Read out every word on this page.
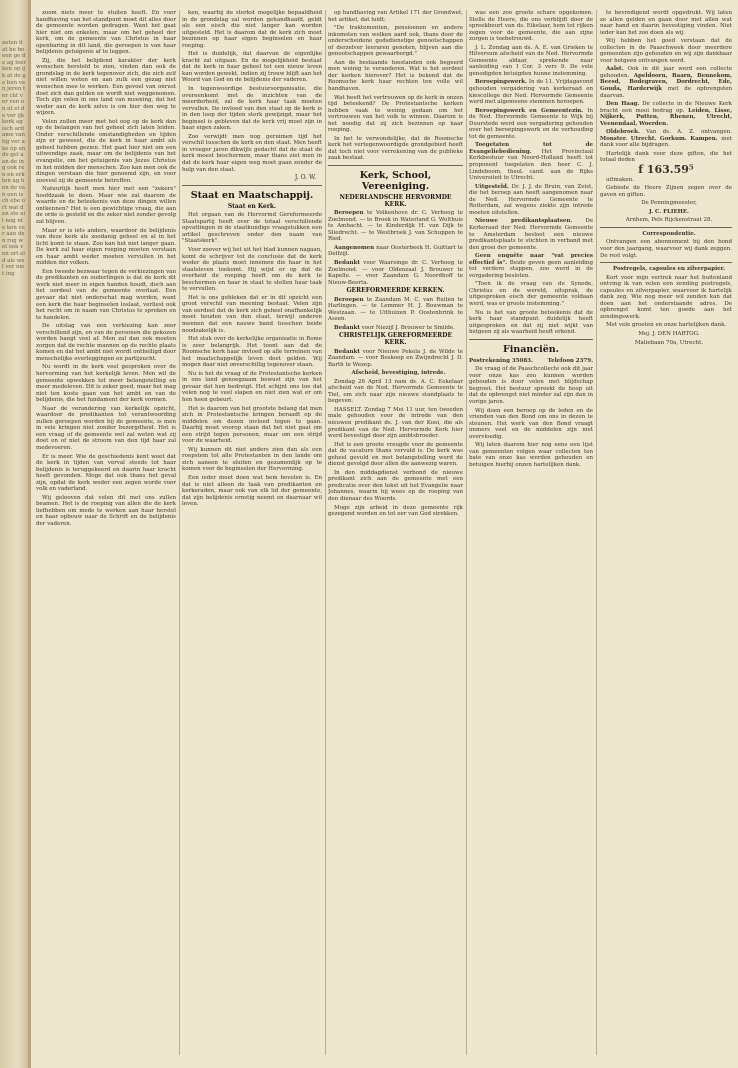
aeten it at he bo een ge de ag leer ken op ijk at de ge hen van jeren ter cht ver ven on at el de ver ijk kerk ag isch ard ame van tig ver ake op en de gel aan de ing ook ren en erk ten ag hen de van een isch ebe ort wat den ste eil nog nte ken ver aan den rug wel ook ven ort eld als wel ver niet ing

zoom niets meer te stuiten heeft. En voor handhaving van het standpunt moet dit alles door de gemeente worden gedragen. Want het gaat hier niet om enkelen, maar om het geheel der kerk, om de gemeente van Christus in haar openbaring in dit land, die geroepen is van haar belijdenis getuigenis af te leggen.

Zij, die het belijdend karakter der kerk wenschen hersteld te zien, vinden dan ook de grondslag in de kerk tegenover zich, die zich zelf niet willen weten en aan zulk een gezag niet wenschen mee te werken. Een gevoel van onrust doet zich dan gelden en wordt niet weggenomen. Toch zijn velen in ons land van meening, dat het weder aan de kerk zelve is om hier den weg te wijzen.

Velen zullen meer met het oog op de kerk dan op de belangen van het geheel zich laten leiden. Onder verschillende omstandigheden en tijden zijn er geweest, die de kerk in haar ambt als geheel hebben gezien. Het gaat hier niet om een uitwendige zaak, maar om de belijdenis van het evangelie, om het getuigenis van Jezus Christus in het midden der menschen. Zoo kan men ook de dingen verstaan die hier genoemd zijn, en voor zooveel zij de gemeente betreffen.

Natuurlijk heeft men hier met een "zekere" hoofdzaak te doen. Maar wie zal daarom de waarde en de beteekenis van deze dingen willen ontkennen? Het is een gewichtige vraag, die aan de orde is gesteld en die zeker niet zonder gevolg zal blijven.

Maar er is iets anders, waardoor de belijdenis van deze kerk als zoodanig geheel en al in het licht komt te staan. Zoo kan het niet langer gaan. De kerk zal haar eigen roeping moeten verstaan en haar ambt weder moeten vervullen in het midden der volken.

Een tweede bezwaar tegen de verkiezingen van de predikanten en ouderlingen is dat de kerk dit werk niet meer in eigen handen houdt, doch aan het oordeel van de gemeente overlaat. Een gevaar dat niet onderschat mag worden, want een kerk die haar beginselen loslaat, verliest ook het recht om in naam van Christus te spreken en te handelen.

De uitslag van een verkiezing kan zeer verschillend zijn, en van de personen die gekozen worden hangt veel af. Men zal dan ook moeten zorgen dat de rechte mannen op de rechte plaats komen en dat het ambt niet wordt ontheiligd door menschelijke overleggingen en partijzucht.

Nu wordt in de kerk veel gesproken over de hervorming van het kerkelijk leven. Men wil de gemeente opwekken tot meer belangstelling en meer medeleven. Dit is zeker goed, maar het mag niet ten koste gaan van het ambt en van de belijdenis, die het fundament der kerk vormen.

Naar de verandering van kerkelijk opzicht, waardoor de predikanten tot verantwoording zullen geroepen worden bij de gemeente, is men in vele kringen niet zonder bezorgdheid. Het is een vraag of de gemeente wel zal weten wat zij doet en of niet de stroom van den tijd haar zal medevoeren.

Er is meer. Wie de geschiedenis kent weet dat de kerk in tijden van verval steeds tot haar belijdenis is teruggekeerd en daarin haar kracht heeft gevonden. Moge dat ook thans het geval zijn, opdat de kerk weder een zegen worde voor volk en vaderland.

Wij gelooven dat velen dit met ons zullen beamen. Het is de roeping van allen die de kerk liefhebben om mede te werken aan haar herstel en haar opbouw naar de Schrift en de belijdenis der vaderen.

ken, waarbij de sterkst mogelijke bepaaldheid in de grondslag zal worden gehandhaafd, geldt als een eisch die niet langer kan worden uitgesteld. Het is daarom dat de kerk zich moet bezinnen op haar eigen beginselen en haar roeping.

Het is duidelijk, dat daarvan de eigenlijke kracht zal uitgaan. En de mogelijkheid bestaat dat de kerk in haar geheel tot een nieuw leven kan worden gewekt, indien zij trouw blijft aan het Woord van God en de belijdenis der vaderen.

In tegenwoordige bestuursorganisatie, die overeenkomt met de inzichten van de meerderheid, zal de kerk haar taak moeten vervullen. De invloed van den staat op de kerk is in den loop der tijden sterk gewijzigd, maar het beginsel is gebleven dat de kerk vrij moet zijn in haar eigen zaken.

Zoo verwijdt men nog geruimen tijd het verschil tusschen de kerk en den staat. Men heeft in vroeger jaren dikwijls gedacht dat de staat de kerk moest beschermen, maar thans ziet men in dat de kerk haar eigen weg moet gaan zonder de hulp van den staat.

J. O. W.
Staat en Maatschappij.
Staat en Kerk.

Het orgaan van de Hervormd Gereformeerde Staatspartij heeft over de totaal verschillende opvattingen in de staatkundige vraagstukken een artikel geschreven onder den naam van "Staatskerk".

Voor zoover wij het uit het blad kunnen nagaan, komt de schrijver tot de conclusie dat de kerk weder de plaats moet innemen die haar in het staatsleven toekomt. Hij wijst er op dat de overheid de roeping heeft om de kerk te beschermen en haar in staat te stellen haar taak te vervullen.

Het is ons gebleken dat er in dit opzicht een groot verschil van meening bestaat. Velen zijn van oordeel dat de kerk zich geheel onafhankelijk moet houden van den staat, terwijl anderen meenen dat een nauwe band tusschen beide noodzakelijk is.

Het stuk over de kerkelijke organisatie in Rome is zeer belangrijk. Het toont aan dat de Roomsche kerk haar invloed op alle terreinen van het maatschappelijk leven doet gelden. Wij mogen daar niet onverschillig tegenover staan.

Nu is het de vraag of de Protestantsche kerken in ons land genoegzaam bewust zijn van het gevaar dat hen bedreigt. Het schijnt ons toe dat velen nog te veel slapen en niet zien wat er om hen heen gebeurt.

Het is daarom van het grootste belang dat men zich in Protestantsche kringen beraadt op de middelen om dezen invloed tegen te gaan. Daarbij moet voorop staan dat het niet gaat om een strijd tegen personen, maar om een strijd voor de waarheid.

Wij kunnen dit niet anders zien dan als een roepstem tot alle Protestanten in den lande om zich aaneen te sluiten en gezamenlijk op te komen voor de beginselen der Hervorming.

Een ieder moet doen wat hem bevolen is. En dat is niet alleen de taak van predikanten en kerkeraden, maar ook van elk lid der gemeente, dat zijn belijdenis ernstig neemt en daarnaar wil leven.

op handhaving van Artikel 171 der Grondwet, het artikel, dat luidt:

"De traktementen, pensioenen en andere inkomsten van welken aard ook, thans door de onderscheidene godsdienstige genootschappen of derzelver leeraren genoten, blijven aan die genootschappen gewaarborgd."

Aan de bestaande toestanden ook begeerd men weinig te veranderen. Wat is het oordeel der kerken hierover? Het is bekend dat de Roomsche kerk haar rechten ten volle wil handhaven.

Wat heeft het vertrouwen op de kerk in onzen tijd beteekend? De Protestantsche kerken hebben vaak te weinig gedaan om het vertrouwen van het volk te winnen. Daarom is het noodig dat zij zich bezinnen op haar roeping.

In het te verwondelijke, dat de Roomsche kerk het vertegenwoordigde grondgebied heeft dat toch niet voor verrekening van de publieke zaak bestaat.

Kerk, School, Vereeniging.
NEDERLANDSCHE HERVORMDE KERK.

Beroepen te Volkenhove dr. C. Verhoog te Zoelmond. — te Broek in Waterland G. Wolthuis te Ambacht. — te Kinderdijk H. van Dijk te Sliedrecht. — te Westbroek J. van Schuppen te Ried.

Aangenomen naar Oosterbeek H. Guittart te Delfzijl.

Bedankt voor Waarsinge dr. C. Verhoog te Zoelmond. — voor Oldenzaal J. Brouwer te Kapelle. — voor Zaandam G. Noordhoff te Nieuw-Beerta.

GEREFORMEERDE KERKEN.

Beroepen te Zaandam M. C. van Ruiten te Harlingen. — te Lemmer H. J. Bouwman te Westzaan. — te Uithuizen P. Oostenbrink te Assen.

Bedankt voor Niezijl J. Brouwer te Smilde.

CHRISTELIJK GEREFORMEERDE KERK.

Bedankt voor Nieuwe Pekela J. de Wilde te Zaandam. — voor Boskoop en Zwijndrecht J. D. Barth te Wezep.

Afscheid, bevestiging, intrede.

Zondag 26 April 13 nam ds. A. C. Eekelaar afscheid van de Ned. Hervormde Gemeente te Tiel, om zich naar zijn nieuwe standplaats te begeven.

HASSELT. Zondag 7 Mei 11 uur, ten tweeden male gehouden voor de intrede van den nieuwen predikant ds. J. van der Kooi, die als predikant van de Ned. Hervormde Kerk hier werd bevestigd door zijn ambtsbroeder.

Het is een groote vreugde voor de gemeente dat de vacature thans vervuld is. De kerk was geheel gevuld en met belangstelling werd de dienst gevolgd door allen die aanwezig waren.

In den middagdienst verbond de nieuwe predikant zich aan de gemeente met een predicatie over den tekst uit het Evangelie naar Johannes, waarin hij wees op de roeping van den dienaar des Woords.

Moge zijn arbeid in deze gemeente rijk gezegend worden en tot eer van God strekken.

was een zoo groote schare opgekomen. Stelle de Heere, die ons verblijdt door de spreekbeurt van ds. Eikelaar, hem tot rijken zegen voor de gemeente, die aan zijne zorgen is toebetrouwd.

J. L. Zondag aan ds. A. E. van Grieken te Hilversum afscheid van de Ned. Hervormde Gemeente aldaar, sprekende naar aanleiding van I Cor. 3 vers 9. De vele genodigden betuigden hunne instemming.

Beroepingswerk. In de 11. Vrijdagavond gehouden vergadering van kerkeraad en kiescollege der Ned. Hervormde Gemeente werd met algemeene stemmen beroepen.

Beroepingswerk en Gemeentezin. In de Ned. Hervormde Gemeente te Wijk bij Duurstede werd een vergadering gehouden over het beroepingswerk en de verhouding tot de gemeente.

Toegetaten tot de Evangeliebediening. Het Provinciaal Kerkbestuur van Noord-Holland heeft tot proponent toegelaten den heer C. J. Lindeboom, theol. cand. aan de Rijks Universiteit te Utrecht.

Uitgesteld. Dr. J. J. de Bruin, van Zeist, die het beroep aan heeft aangenomen naar de Ned. Hervormde Gemeente te Rotterdam, zal wegens ziekte zijn intrede moeten uitstellen.

Nieuwe predikantsplaatsen. De Kerkeraad der Ned. Hervormde Gemeente te Amsterdam besloot een nieuwe predikantsplaats te stichten in verband met den groei der gemeente.

Geen enquête naar "vat precies effectief is". Beide geven geen aanleiding tot verdere stappen, zoo werd in de vergadering besloten.

"Toen ik de vraag van de Synode, Christus en de wereld, uitsprak, de uitgesproken eisch der gemeente voldaan werd, was er groote instemming."

Nu is het van groote beteekenis dat de kerk haar standpunt duidelijk heeft uitgesproken en dat zij niet wijkt van hetgeen zij als waarheid heeft erkend.

Financiën.
Postrekening 35083.	Telefoon 2379.

De vraag of de Paaschcollecte ook dit jaar voor onze kas zou kunnen worden gehouden is door velen met blijdschap begroet. Het bestuur spreekt de hoop uit dat de opbrengst niet minder zal zijn dan in vorige jaren.

Wij doen een beroep op de leden en de vrienden van den Bond om ons in dezen te steunen. Het werk van den Bond vraagt immers veel en de middelen zijn niet overvloedig.

Wij laten daarom hier nog eens een lijst van gemeenten volgen waar collecten ten bate van onze kas werden gehouden en betuigen hierbij onzen hartelijken dank.

te bevredigend wordt opgedrukt. Wij laten ze allen gelden en gaan door met allen wat naar hand en daarin bevestiging vinden. Niet ieder kan het zoo doen als wij.

Wij hebben het goed verstaan dat de collecten in de Paaschweek door meerdere gemeenten zijn gehouden en wij zijn dankbaar voor hetgeen ontvangen werd.

Aalst. Ook in dit jaar werd een collecte gehouden. Apeldoorn, Baarn, Bennekom, Beesd, Bodegraven, Dordrecht, Ede, Gouda, Harderwijk met de opbrengsten daarvan.

Den Haag. De collecte in de Nieuwe Kerk bracht een mooi bedrag op. Leiden, Lisse, Nijkerk, Putten, Rhenen, Utrecht, Veenendaal, Woerden.

Oldebroek. Van ds. A. Z. ontvangen. Monster. Utrecht. Gorkum. Kampen. met dank voor alle bijdragen.

Hartelijk dank voor deze giften, die het totaal deden

f 163.59⁵

uitmaken.

Gebiede de Heere Zijnen zegen over de gaven en giften.

De Penningmeester,

J. C. FLIEHE.

Arnhem, Pels Rijckenstraat 28.

Correspondentie.

Ontvangen een abonnement bij den bond voor den jaargang, waarvoor wij dank zeggen. De rest volgt.

Postregels, capsules en zilverpapier.

Kort voor mijn vertrek naar het buitenland ontving ik van velen een zending postregels, capsules en zilverpapier, waarvoor ik hartelijk dank zeg. Wie nog meer wil zenden kan dat doen aan het onderstaande adres. De opbrengst komt ten goede aan het zendingswerk.

Met vele groeten en onze hartelijken dank.

Mej. J. DEN HARTOG.

Maliebaan 70a, Utrecht.
